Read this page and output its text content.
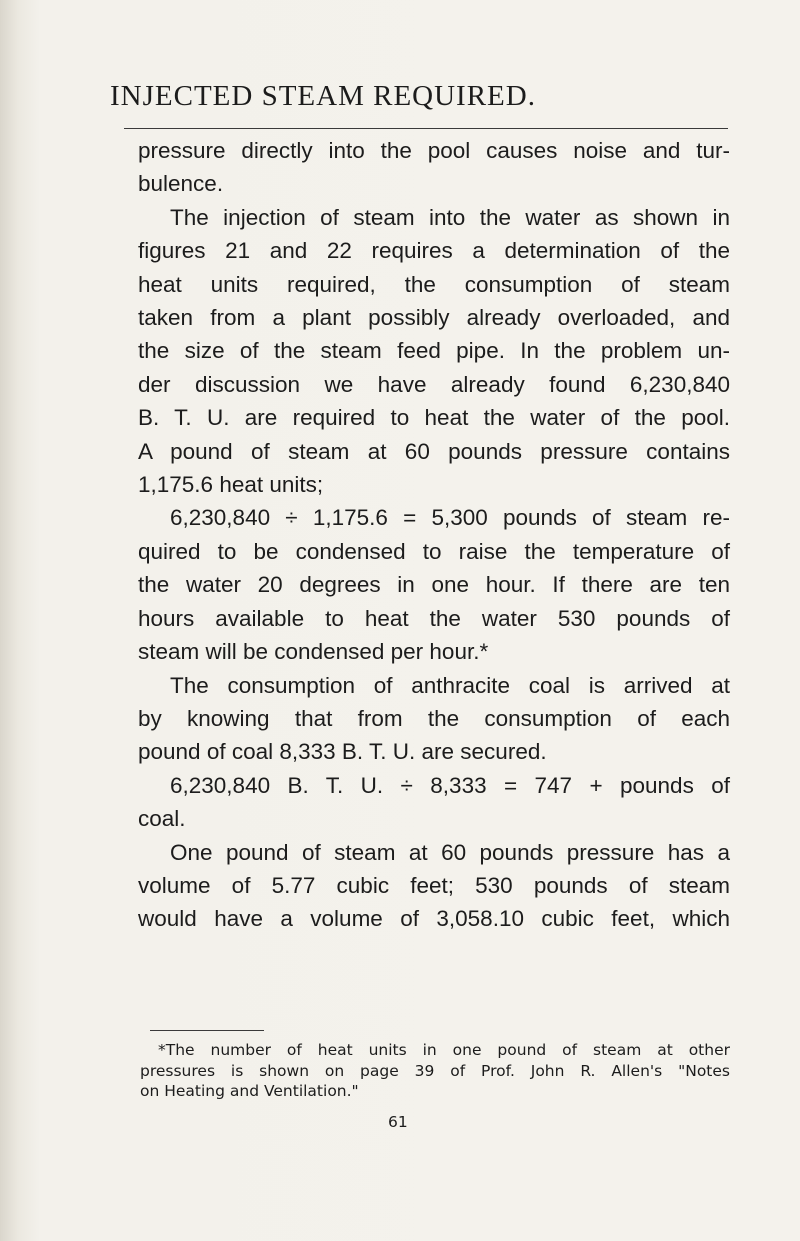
INJECTED STEAM REQUIRED.
pressure directly into the pool causes noise and tur-
bulence.
The injection of steam into the water as shown in
figures 21 and 22 requires a determination of the
heat units required, the consumption of steam
taken from a plant possibly already overloaded, and
the size of the steam feed pipe. In the problem un-
der discussion we have already found 6,230,840
B. T. U. are required to heat the water of the pool.
A pound of steam at 60 pounds pressure contains
1,175.6 heat units;
6,230,840 ÷ 1,175.6 = 5,300 pounds of steam re-
quired to be condensed to raise the temperature of
the water 20 degrees in one hour. If there are ten
hours available to heat the water 530 pounds of
steam will be condensed per hour.*
The consumption of anthracite coal is arrived at
by knowing that from the consumption of each
pound of coal 8,333 B. T. U. are secured.
6,230,840 B. T. U. ÷ 8,333 = 747 + pounds of
coal.
One pound of steam at 60 pounds pressure has a
volume of 5.77 cubic feet; 530 pounds of steam
would have a volume of 3,058.10 cubic feet, which
*The number of heat units in one pound of steam at other
pressures is shown on page 39 of Prof. John R. Allen's "Notes
on Heating and Ventilation."
61
